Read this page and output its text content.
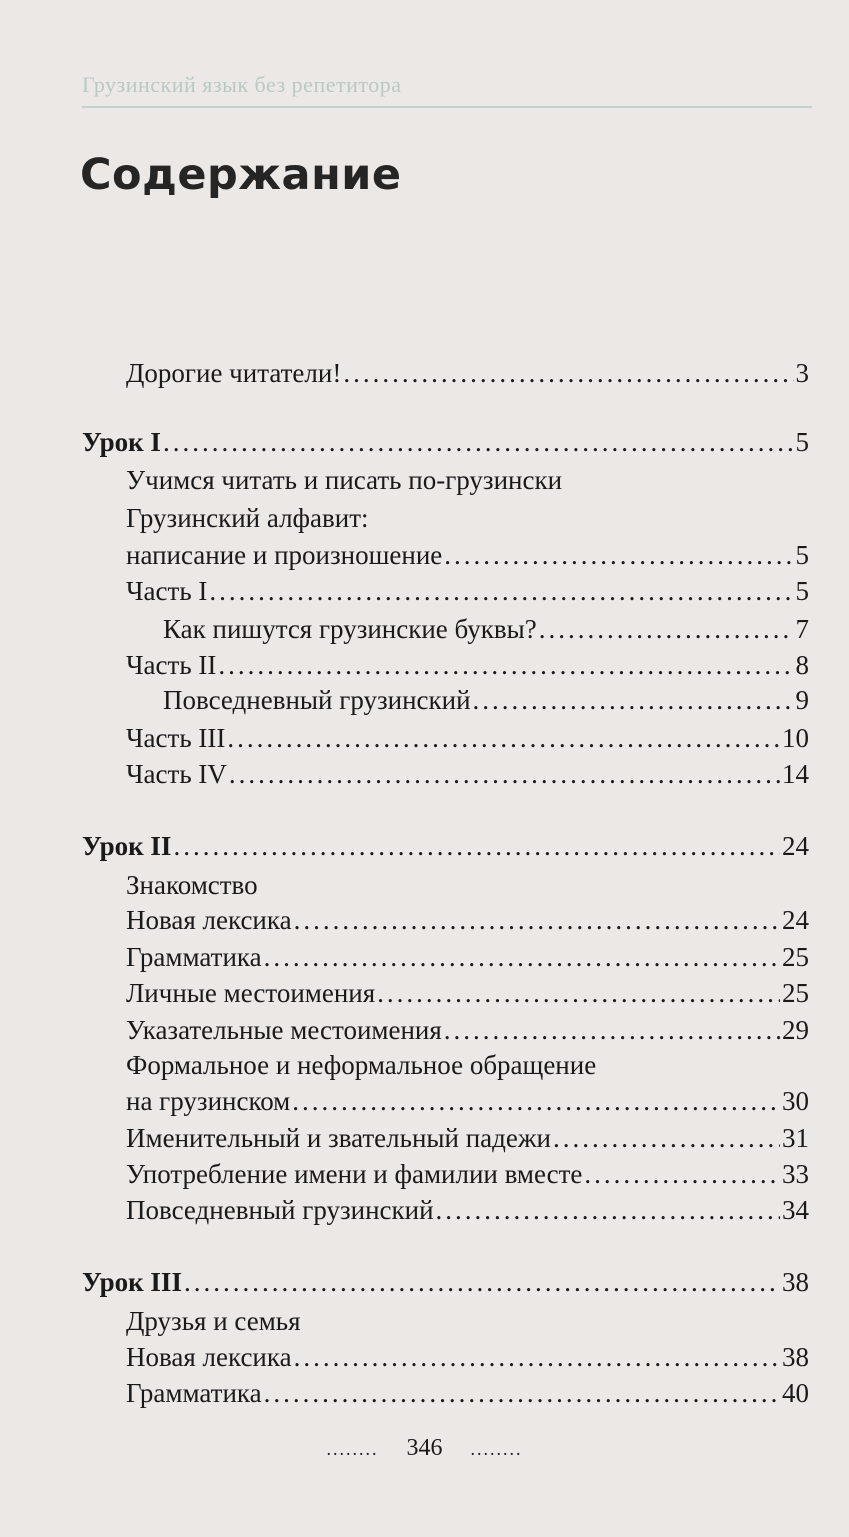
Грузинский язык без репетитора
Содержание
Дорогие читатели! .....	3
Урок I .....	5
Учимся читать и писать по-грузински
Грузинский алфавит:
написание и произношение .....	5
Часть I .....	5
Как пишутся грузинские буквы? .....	7
Часть II .....	8
Повседневный грузинский .....	9
Часть III .....	10
Часть IV .....	14
Урок II .....	24
Знакомство
Новая лексика .....	24
Грамматика .....	25
Личные местоимения .....	25
Указательные местоимения .....	29
Формальное и неформальное обращение
на грузинском .....	30
Именительный и звательный падежи .....	31
Употребление имени и фамилии вместе .....	33
Повседневный грузинский .....	34
Урок III .....	38
Друзья и семья
Новая лексика .....	38
Грамматика .....	40
........ 346 ........
